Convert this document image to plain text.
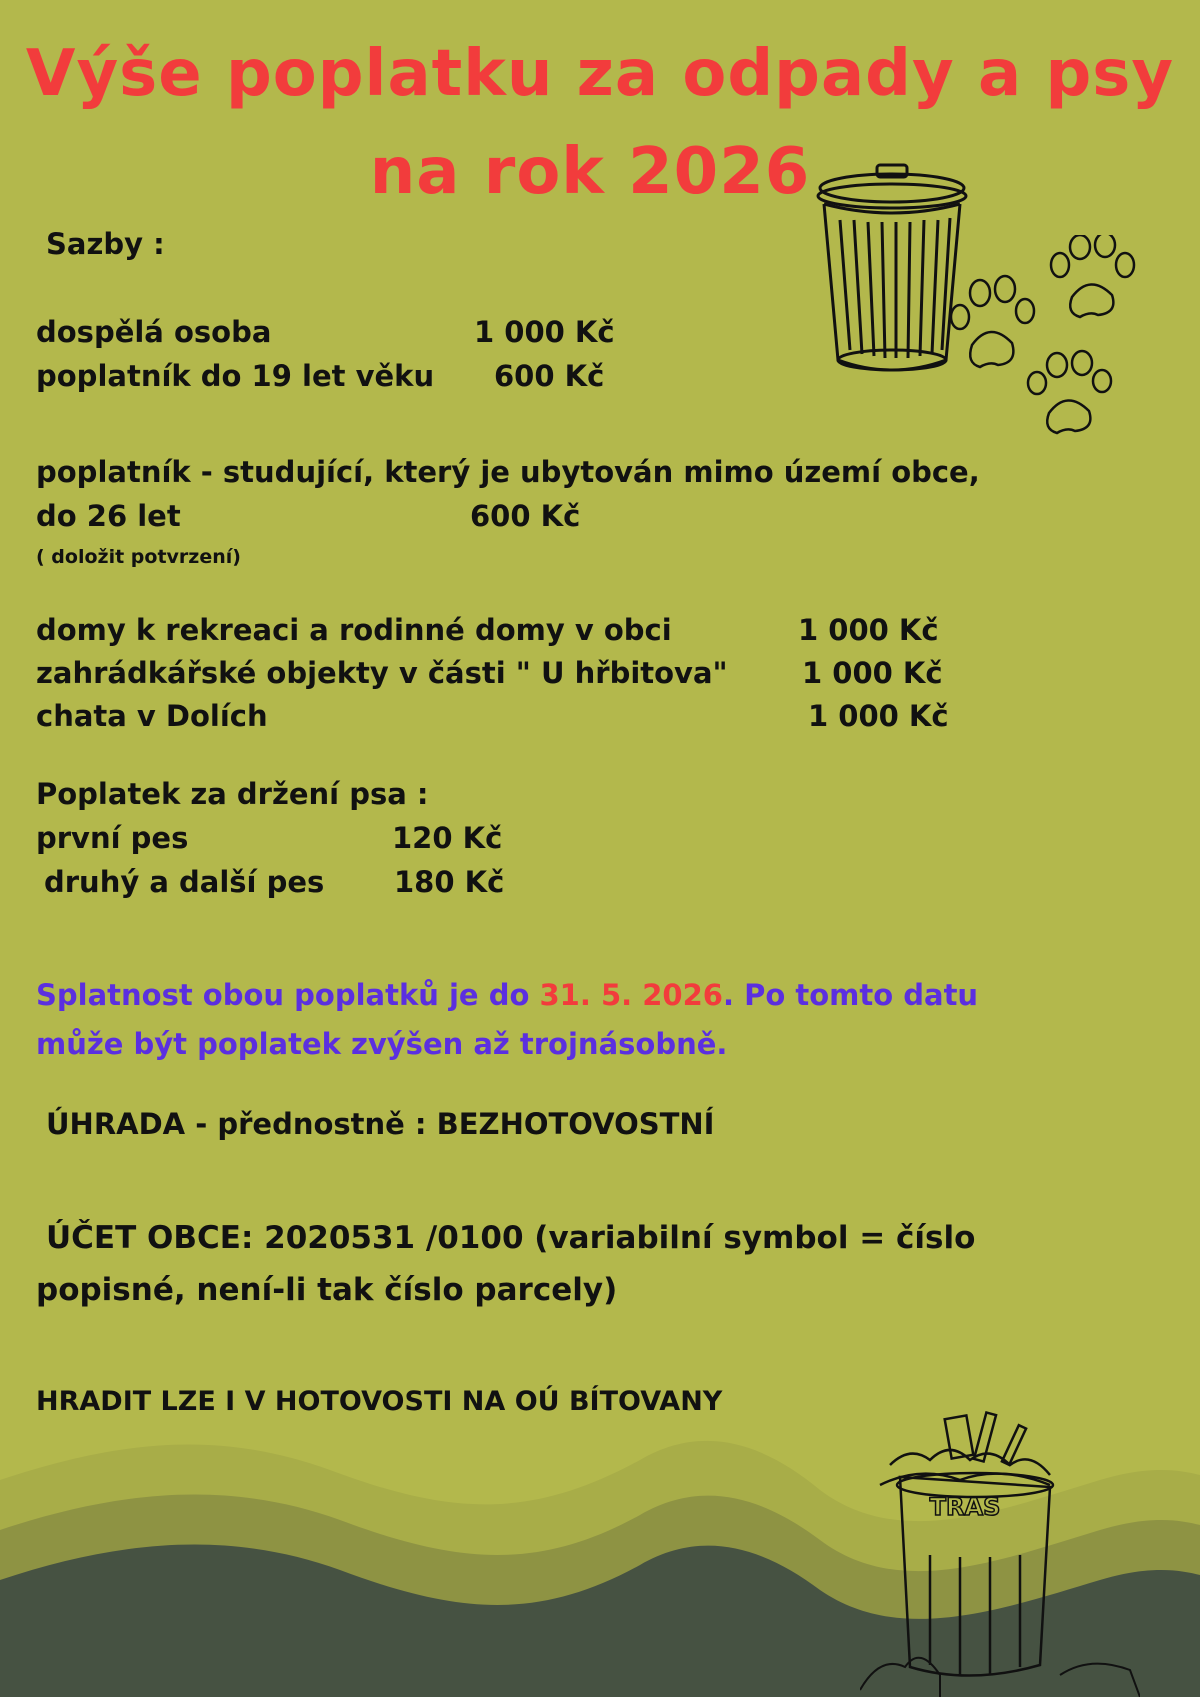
Výše poplatku za odpady a psy
na rok 2026
Sazby :
dospělá osoba	1 000 Kč
poplatník do 19 let věku 600 Kč
poplatník - studující, který je ubytován mimo území obce,
do 26 let	600 Kč
( doložit potvrzení)
domy k rekreaci a rodinné domy v obci	1 000 Kč
zahrádkářské objekty v části " U hřbitova"	1 000 Kč
chata v Dolích	1 000 Kč
Poplatek za držení psa :
první pes	120 Kč
druhý a další pes 180 Kč
Splatnost obou poplatků je do 31. 5. 2026. Po tomto datu
může být poplatek zvýšen až trojnásobně.
ÚHRADA - přednostně : BEZHOTOVOSTNÍ
ÚČET OBCE: 2020531 /0100 (variabilní symbol = číslo
popisné, není-li tak číslo parcely)
HRADIT LZE I V HOTOVOSTI NA OÚ BÍTOVANY
TRAS
